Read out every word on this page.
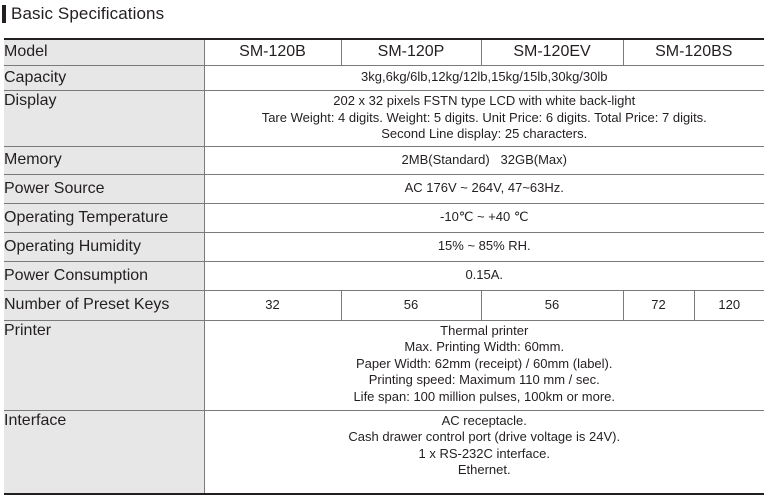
Basic Specifications
Model	SM-120B	SM-120P	SM-120EV	SM-120BS	
Capacity	3kg,6kg/6lb,12kg/12lb,15kg/15lb,30kg/30lb				
Display	202 x 32 pixels FSTN type LCD with white back-light
Tare Weight: 4 digits. Weight: 5 digits. Unit Price: 6 digits. Total Price: 7 digits.
Second Line display: 25 characters.				

Memory	2MB(Standard)   32GB(Max)				
Power Source	AC 176V ~ 264V, 47~63Hz.				
Operating Temperature	-10℃ ~ +40 ℃				
Operating Humidity	15% ~ 85% RH.				
Power Consumption	0.15A.				
Number of Preset Keys	32	56	56	72	120
Printer	Thermal printer
Max. Printing Width: 60mm.
Paper Width: 62mm (receipt) / 60mm (label).
Printing speed: Maximum 110 mm / sec.
Life span: 100 million pulses, 100km or more.				

Interface	AC receptacle.
Cash drawer control port (drive voltage is 24V).
1 x RS-232C interface.
Ethernet.				
